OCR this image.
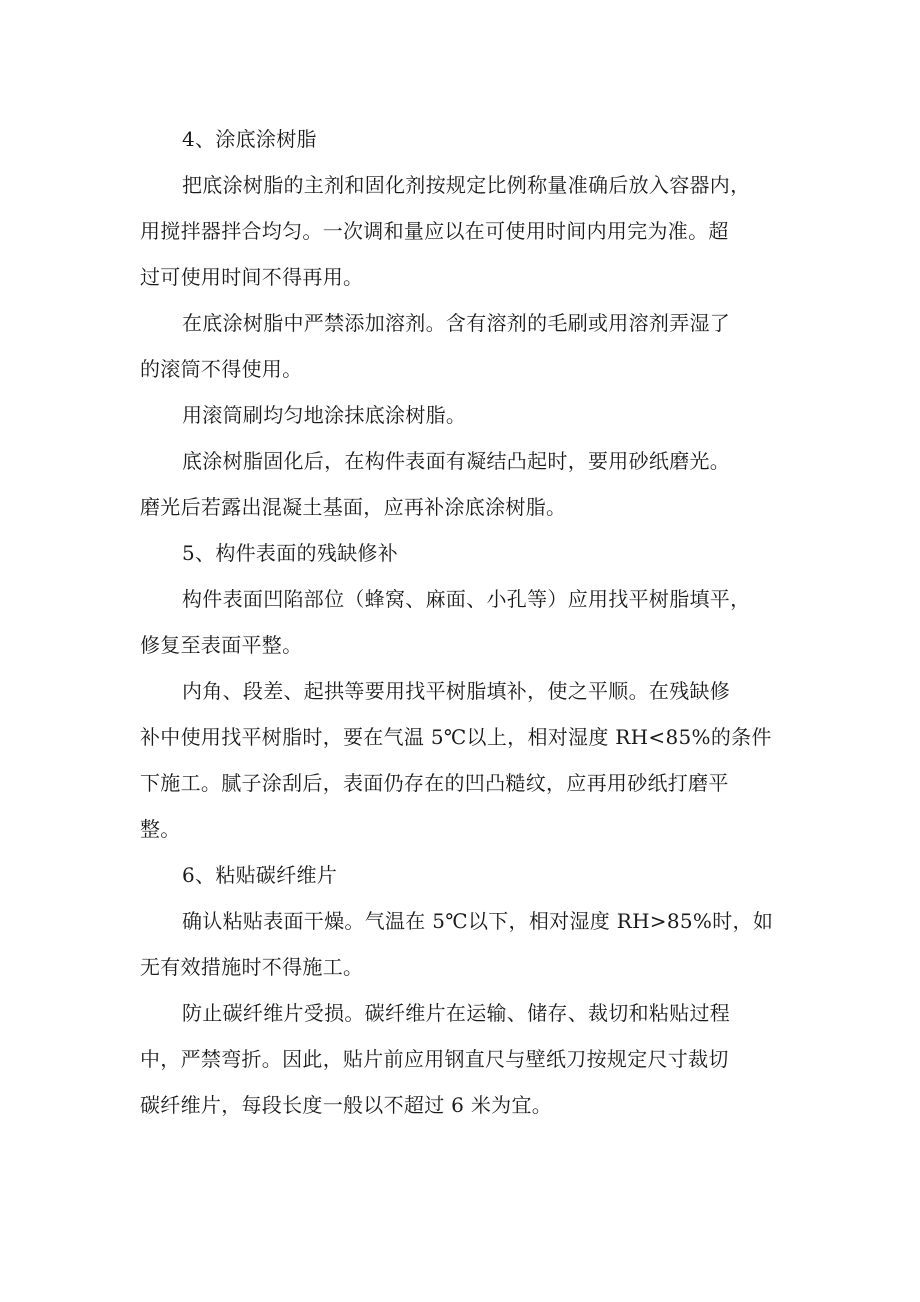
4、涂底涂树脂
把底涂树脂的主剂和固化剂按规定比例称量准确后放入容器内，
用搅拌器拌合均匀。一次调和量应以在可使用时间内用完为准。超
过可使用时间不得再用。
在底涂树脂中严禁添加溶剂。含有溶剂的毛刷或用溶剂弄湿了
的滚筒不得使用。
用滚筒刷均匀地涂抹底涂树脂。
底涂树脂固化后，在构件表面有凝结凸起时，要用砂纸磨光。
磨光后若露出混凝土基面，应再补涂底涂树脂。
5、构件表面的残缺修补
构件表面凹陷部位（蜂窝、麻面、小孔等）应用找平树脂填平，
修复至表面平整。
内角、段差、起拱等要用找平树脂填补，使之平顺。在残缺修
补中使用找平树脂时，要在气温 5℃以上，相对湿度 RH<85%的条件
下施工。腻子涂刮后，表面仍存在的凹凸糙纹，应再用砂纸打磨平
整。
6、粘贴碳纤维片
确认粘贴表面干燥。气温在 5℃以下，相对湿度 RH>85%时，如
无有效措施时不得施工。
防止碳纤维片受损。碳纤维片在运输、储存、裁切和粘贴过程
中，严禁弯折。因此，贴片前应用钢直尺与壁纸刀按规定尺寸裁切
碳纤维片，每段长度一般以不超过 6 米为宜。
